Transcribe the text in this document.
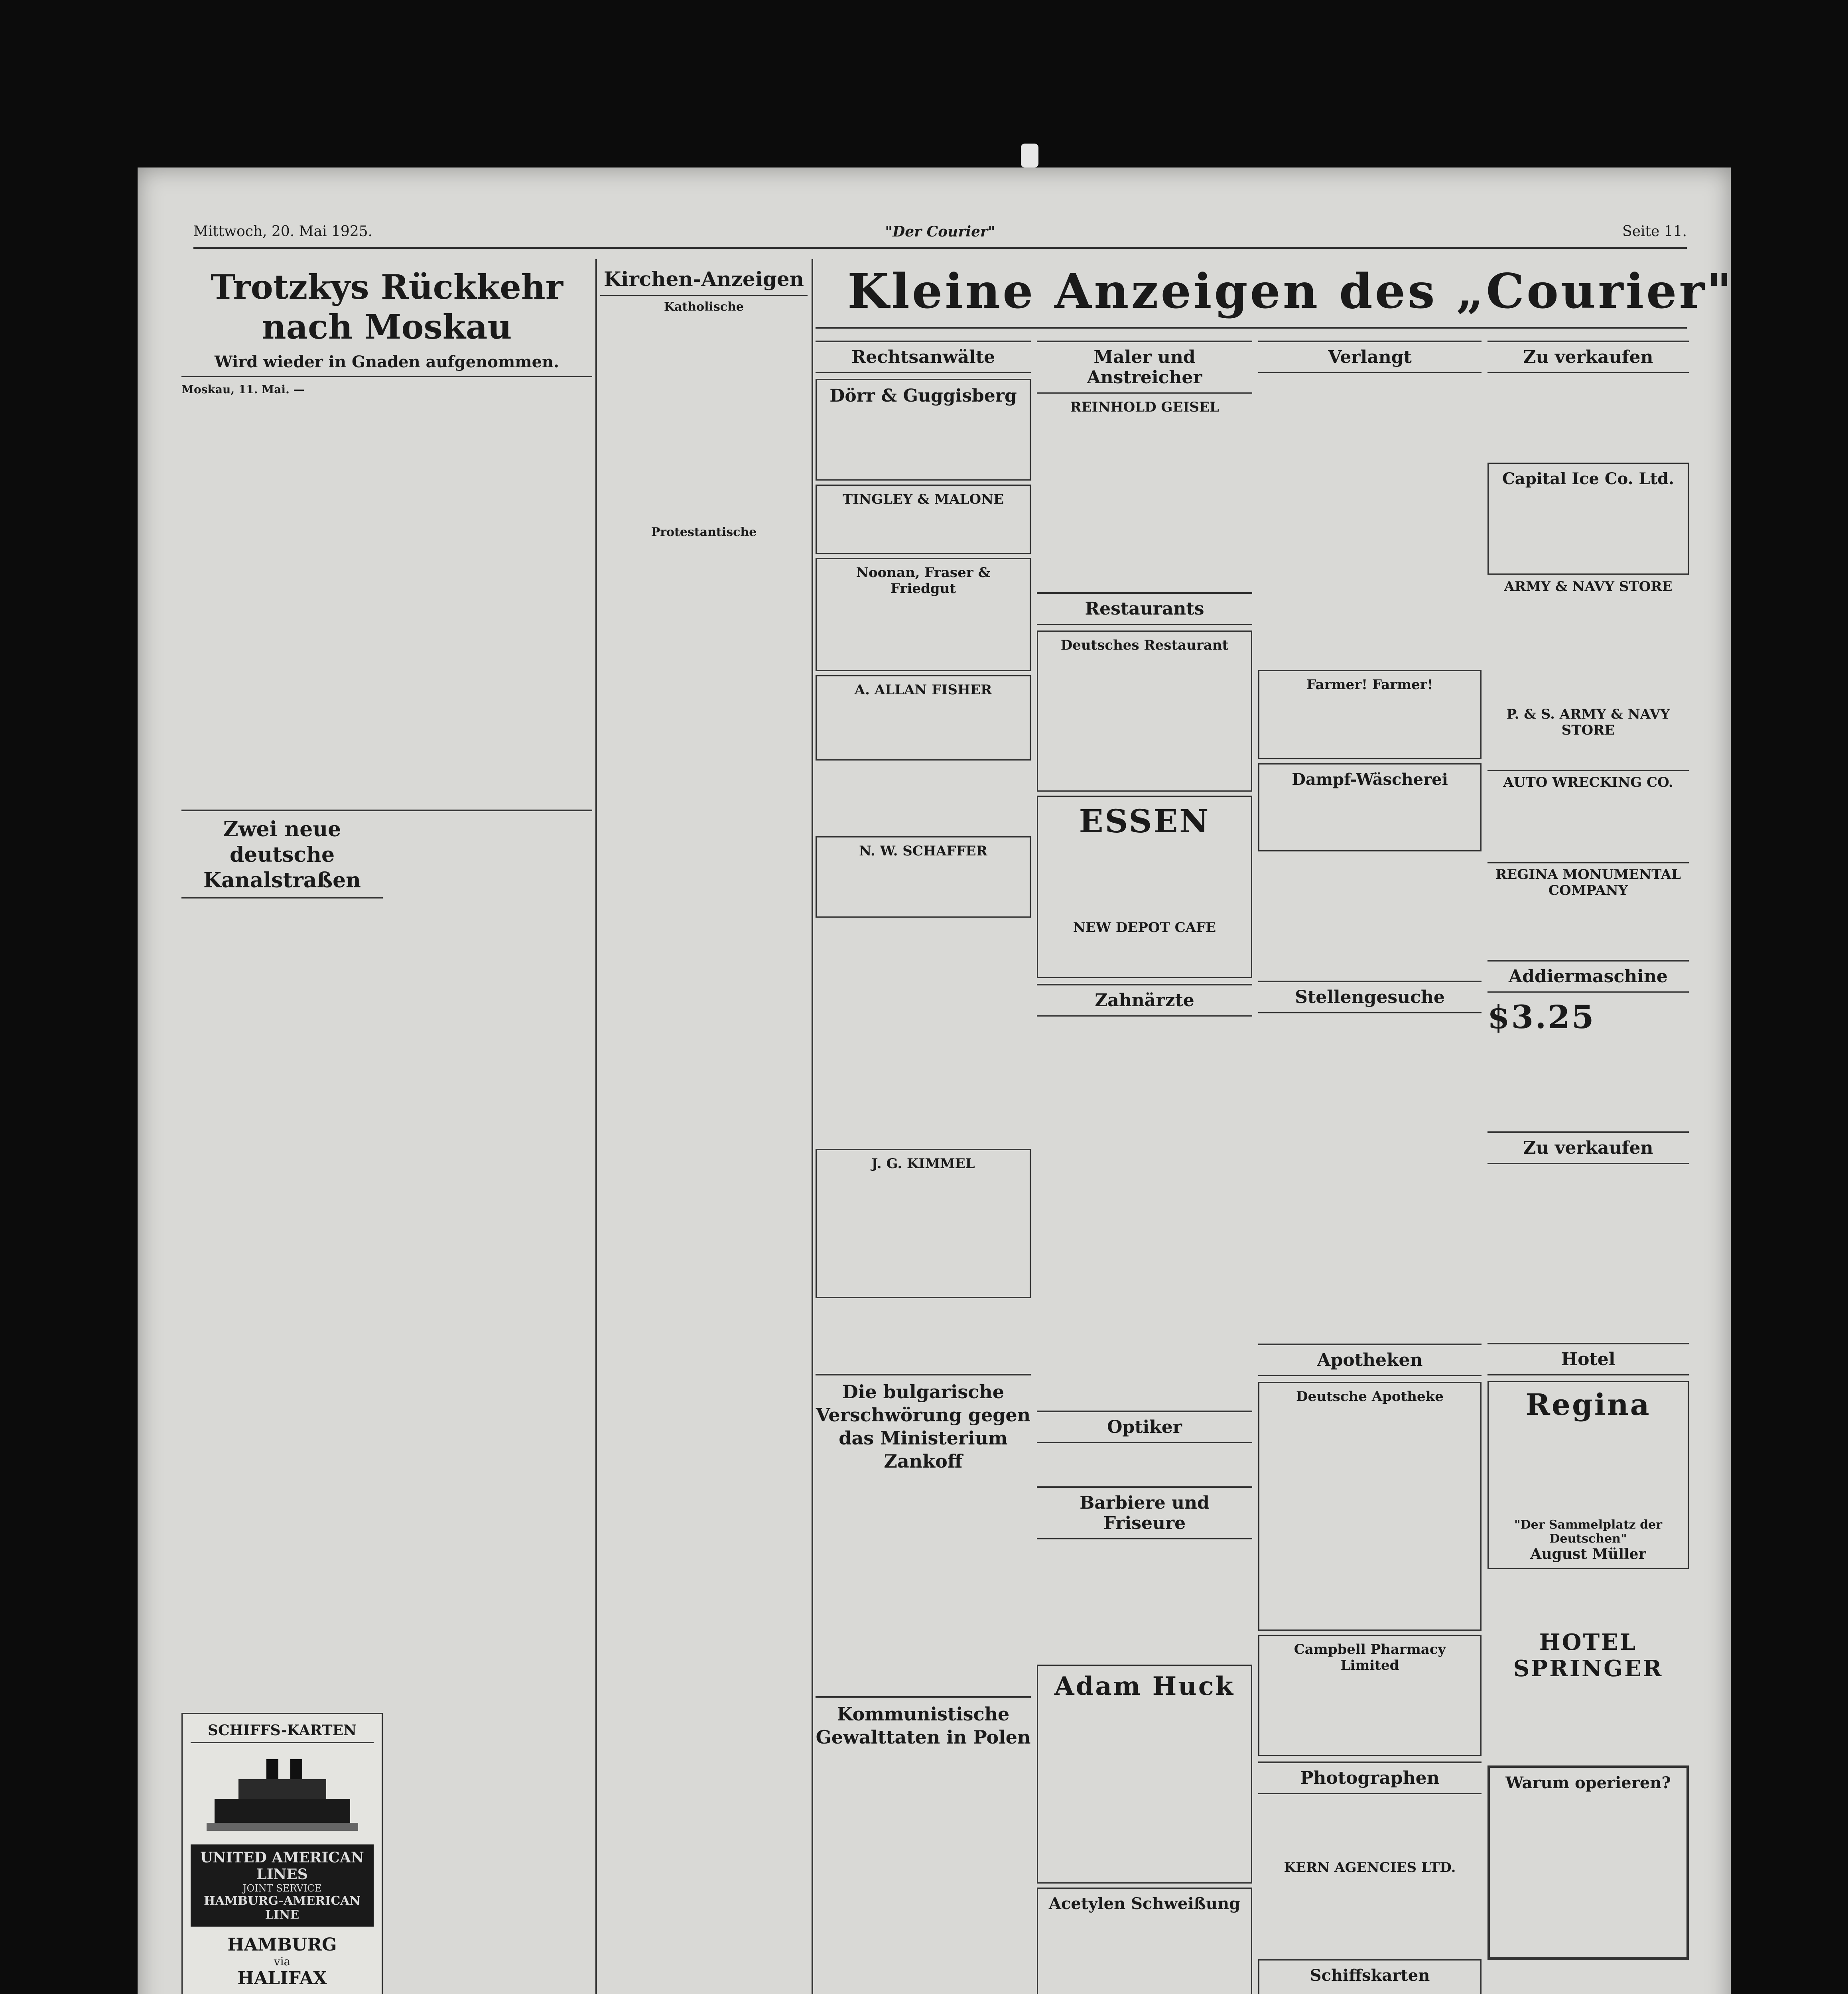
Mittwoch, 20. Mai 1925.	"Der Courier"	Seite 11.
Trotzkys Rückkehr nach Moskau
Wird wieder in Gnaden aufgenommen.
Moskau, 11. Mai. —
Zwei neue deutsche Kanalstraßen
SCHIFFS-KARTEN
UNITED AMERICAN LINES
JOINT SERVICE
HAMBURG-AMERICAN LINE
HAMBURG
via
HALIFAX
Kirchen-Anzeigen
Katholische
Protestantische
Kleine Anzeigen des „Courier"
Rechtsanwälte
Dörr & Guggisberg
TINGLEY & MALONE
Noonan, Fraser & Friedgut
A. ALLAN FISHER
N. W. SCHAFFER
J. G. KIMMEL
Die bulgarische Verschwörung gegen das Ministerium Zankoff
Kommunistische Gewalttaten in Polen
Maler und Anstreicher
REINHOLD GEISEL
Restaurants
Deutsches Restaurant
ESSEN
NEW DEPOT CAFE
Zahnärzte
Optiker
Barbiere und Friseure
Adam Huck
Acetylen Schweißung
Verlangt
Farmer! Farmer!
Dampf-Wäscherei
Stellengesuche
Apotheken
Deutsche Apotheke
Campbell Pharmacy Limited
Photographen
KERN AGENCIES LTD.
Schiffskarten
Zu verkaufen
Capital Ice Co. Ltd.
ARMY & NAVY STORE
P. & S. ARMY & NAVY STORE
AUTO WRECKING CO.
REGINA MONUMENTAL COMPANY
Addiermaschine
$3.25
Zu verkaufen
Hotel
Regina
"Der Sammelplatz der Deutschen"
August Müller
HOTEL SPRINGER
Warum operieren?
